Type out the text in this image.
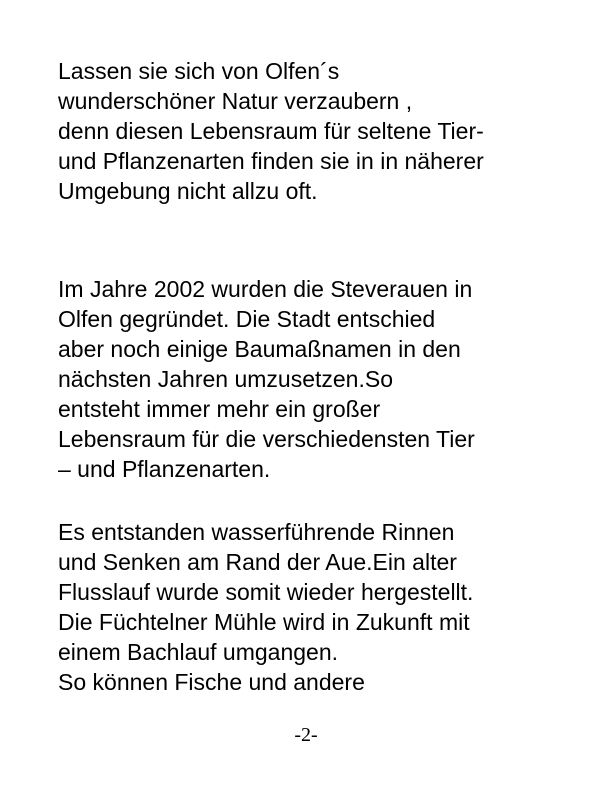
Lassen sie sich von Olfen´s

wunderschöner Natur verzaubern ,

denn diesen Lebensraum für seltene Tier-

und Pflanzenarten finden sie in in näherer

Umgebung nicht allzu oft.

Im Jahre 2002 wurden die Steverauen in

Olfen gegründet. Die Stadt entschied

aber noch einige Baumaßnamen in den

nächsten Jahren umzusetzen.So

entsteht immer mehr ein großer

Lebensraum für die verschiedensten Tier

– und Pflanzenarten.

Es entstanden wasserführende Rinnen

und Senken am Rand der Aue.Ein alter

Flusslauf wurde somit wieder hergestellt.

Die Füchtelner Mühle wird in Zukunft mit

einem Bachlauf umgangen.

So können Fische und andere

-2-
